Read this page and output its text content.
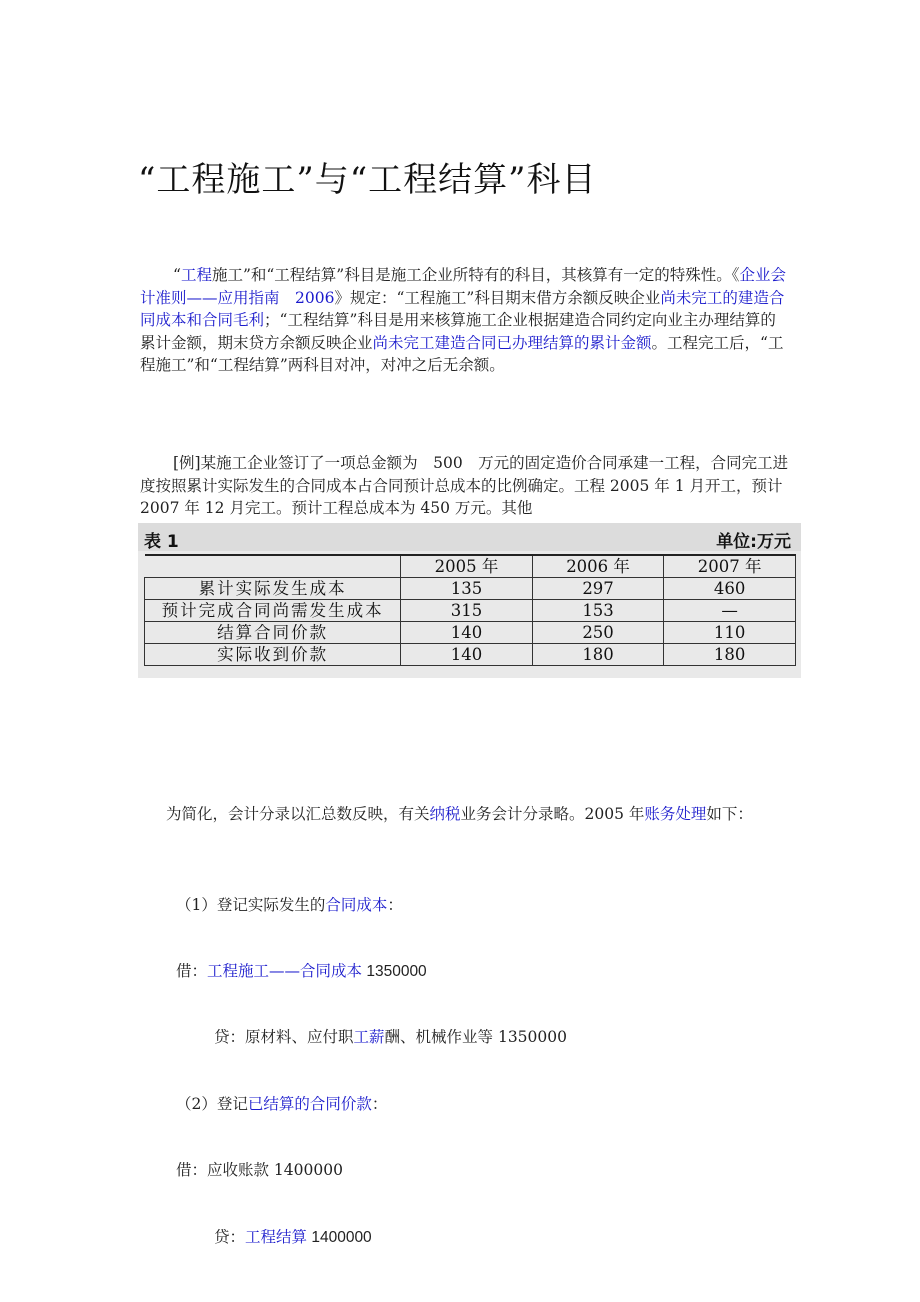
“工程施工”与“工程结算”科目

“工程施工”和“工程结算”科目是施工企业所特有的科目，其核算有一定的特殊性。《企业会计准则——应用指南　2006》规定：“工程施工”科目期末借方余额反映企业尚未完工的建造合同成本和合同毛利；“工程结算”科目是用来核算施工企业根据建造合同约定向业主办理结算的累计金额，期末贷方余额反映企业尚未完工建造合同已办理结算的累计金额。工程完工后，“工程施工”和“工程结算”两科目对冲，对冲之后无余额。

[例]某施工企业签订了一项总金额为　500　万元的固定造价合同承建一工程，合同完工进度按照累计实际发生的合同成本占合同预计总成本的比例确定。工程 2005 年 1 月开工，预计 2007 年 12 月完工。预计工程总成本为 450 万元。其他

表 1	单位:万元
	2005 年	2006 年	2007 年
累计实际发生成本	135	297	460
预计完成合同尚需发生成本	315	153	—
结算合同价款	140	250	110
实际收到价款	140	180	180

为简化，会计分录以汇总数反映，有关纳税业务会计分录略。2005 年账务处理如下：

（1）登记实际发生的合同成本：

借：工程施工——合同成本 1350000

贷：原材料、应付职工薪酬、机械作业等 1350000

（2）登记已结算的合同价款：

借：应收账款 1400000

贷：工程结算 1400000
